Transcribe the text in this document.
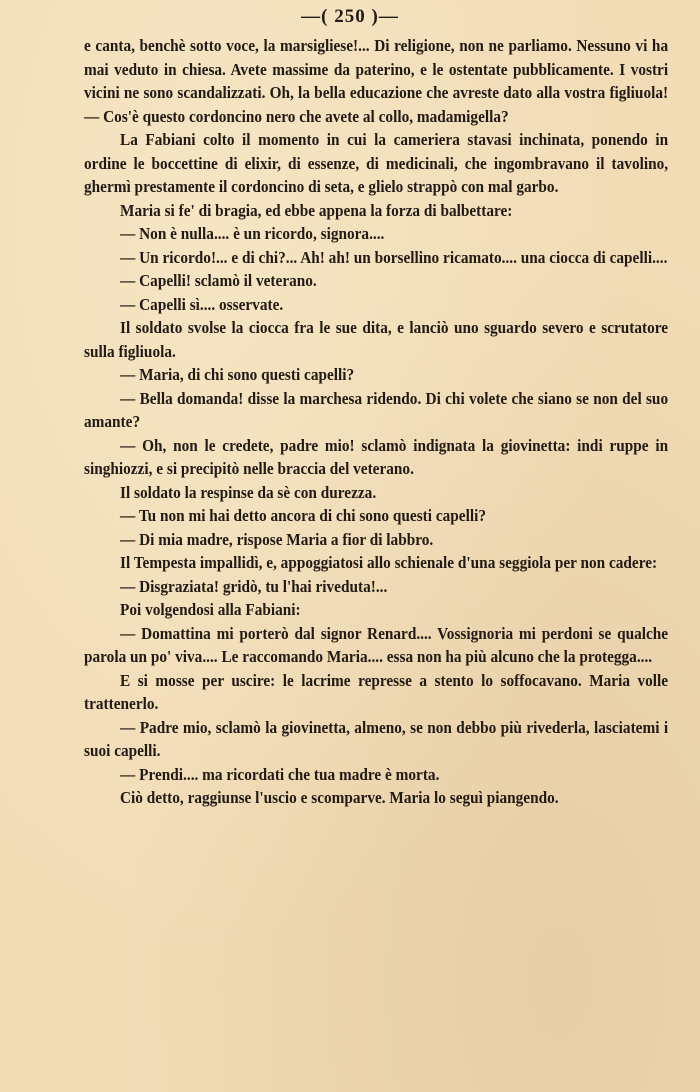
—( 250 )—

e canta, benchè sotto voce, la marsigliese!... Di religione, non ne parliamo. Nessuno vi ha mai veduto in chiesa. Avete massime da paterino, e le ostentate pubblicamente. I vostri vicini ne sono scandalizzati. Oh, la bella educazione che avreste dato alla vostra figliuola! — Cos'è questo cordoncino nero che avete al collo, madamigella?

La Fabiani colto il momento in cui la cameriera stavasi inchinata, ponendo in ordine le boccettine di elixir, di essenze, di medicinali, che ingombravano il tavolino, ghermì prestamente il cordoncino di seta, e glielo strappò con mal garbo.

Maria si fe' di bragia, ed ebbe appena la forza di balbettare:

— Non è nulla.... è un ricordo, signora....

— Un ricordo!... e di chi?... Ah! ah! un borsellino ricamato.... una ciocca di capelli....

— Capelli! sclamò il veterano.

— Capelli sì.... osservate.

Il soldato svolse la ciocca fra le sue dita, e lanciò uno sguardo severo e scrutatore sulla figliuola.

— Maria, di chi sono questi capelli?

— Bella domanda! disse la marchesa ridendo. Di chi volete che siano se non del suo amante?

— Oh, non le credete, padre mio! sclamò indignata la giovinetta: indi ruppe in singhiozzi, e si precipitò nelle braccia del veterano.

Il soldato la respinse da sè con durezza.

— Tu non mi hai detto ancora di chi sono questi capelli?

— Di mia madre, rispose Maria a fior di labbro.

Il Tempesta impallidì, e, appoggiatosi allo schienale d'una seggiola per non cadere:

— Disgraziata! gridò, tu l'hai riveduta!...

Poi volgendosi alla Fabiani:

— Domattina mi porterò dal signor Renard.... Vossignoria mi perdoni se qualche parola un po' viva.... Le raccomando Maria.... essa non ha più alcuno che la protegga....

E si mosse per uscire: le lacrime represse a stento lo soffocavano. Maria volle trattenerlo.

— Padre mio, sclamò la giovinetta, almeno, se non debbo più rivederla, lasciatemi i suoi capelli.

— Prendi.... ma ricordati che tua madre è morta.

Ciò detto, raggiunse l'uscio e scomparve. Maria lo seguì piangendo.
